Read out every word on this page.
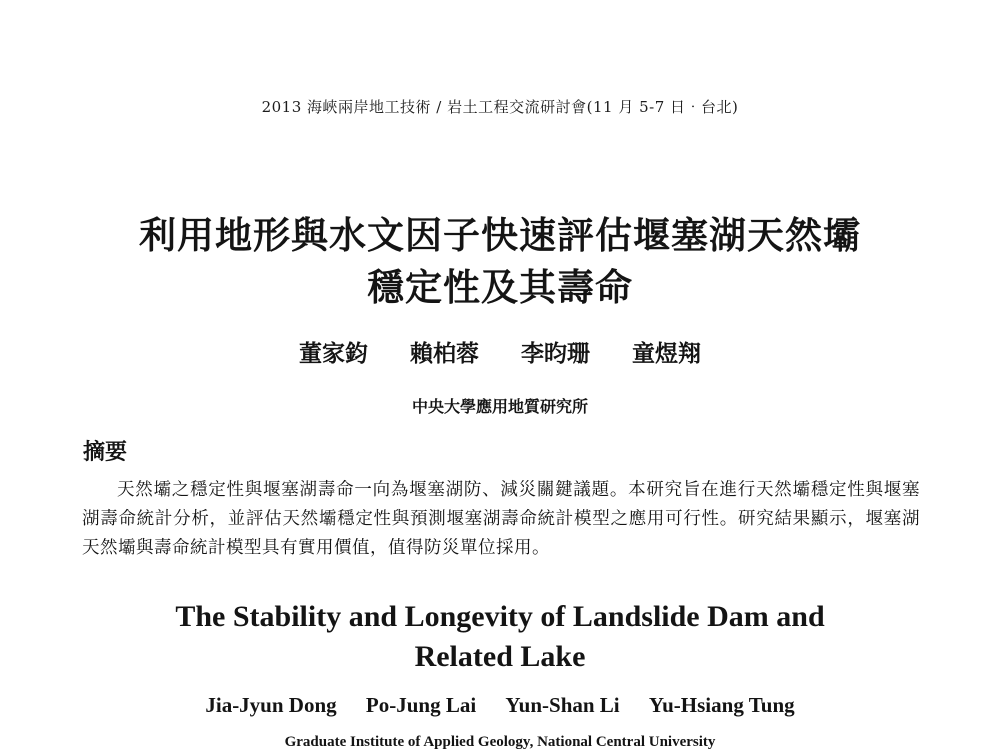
2013 海峽兩岸地工技術 / 岩土工程交流研討會(11 月 5-7 日‧台北)
利用地形與水文因子快速評估堰塞湖天然壩
穩定性及其壽命
董家鈞 賴柏蓉 李昀珊 童煜翔
中央大學應用地質研究所
摘要
天然壩之穩定性與堰塞湖壽命一向為堰塞湖防、減災關鍵議題。本研究旨在進行天然壩穩定性與堰塞湖壽命統計分析，並評估天然壩穩定性與預測堰塞湖壽命統計模型之應用可行性。研究結果顯示，堰塞湖天然壩與壽命統計模型具有實用價值，值得防災單位採用。
The Stability and Longevity of Landslide Dam and
Related Lake
Jia-Jyun Dong Po-Jung Lai Yun-Shan Li Yu-Hsiang Tung
Graduate Institute of Applied Geology, National Central University
